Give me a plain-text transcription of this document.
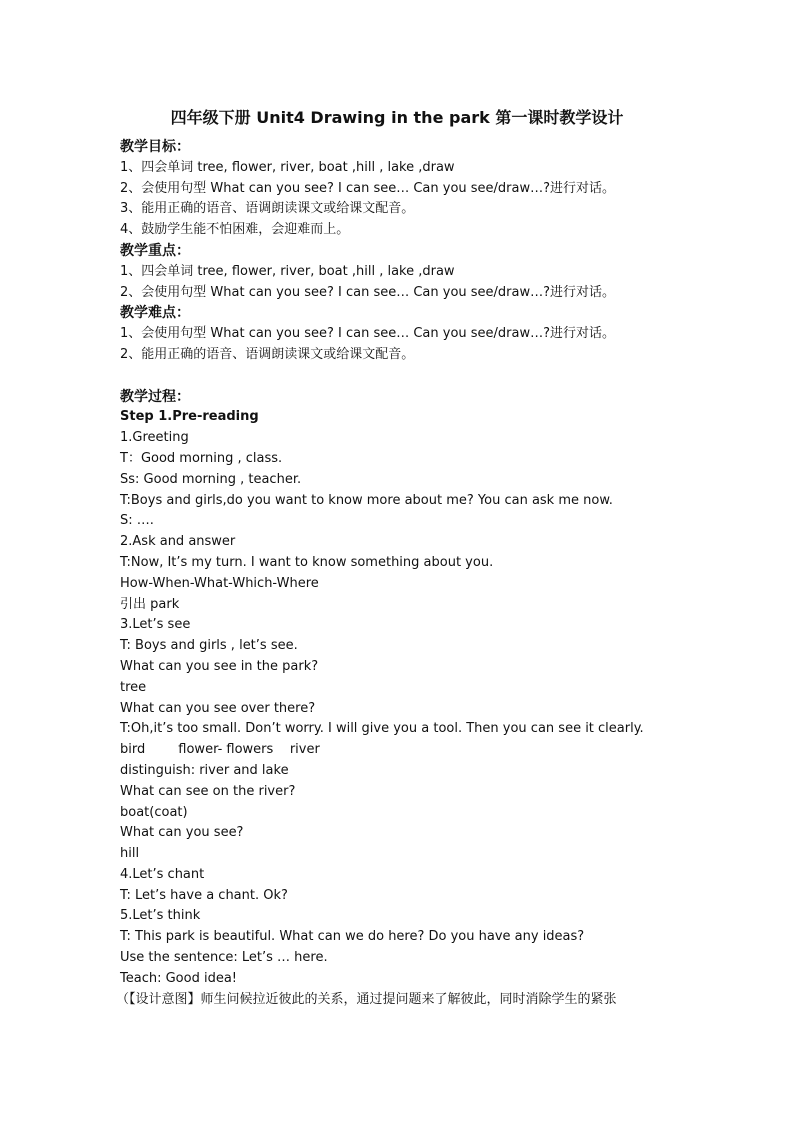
四年级下册 Unit4 Drawing in the park 第一课时教学设计
教学目标：
1、四会单词 tree, flower, river, boat ,hill , lake ,draw
2、会使用句型 What can you see? I can see… Can you see/draw…?进行对话。
3、能用正确的语音、语调朗读课文或给课文配音。
4、鼓励学生能不怕困难，会迎难而上。
教学重点：
1、四会单词 tree, flower, river, boat ,hill , lake ,draw
2、会使用句型 What can you see? I can see… Can you see/draw…?进行对话。
教学难点：
1、会使用句型 What can you see? I can see… Can you see/draw…?进行对话。
2、能用正确的语音、语调朗读课文或给课文配音。
教学过程：
Step 1.Pre-reading
1.Greeting
T：Good morning , class.
Ss: Good morning , teacher.
T:Boys and girls,do you want to know more about me? You can ask me now.
S: ….
2.Ask and answer
T:Now, It’s my turn. I want to know something about you.
How-When-What-Which-Where
引出 park
3.Let’s see
T: Boys and girls , let’s see.
What can you see in the park?
tree
What can you see over there?
T:Oh,it’s too small. Don’t worry. I will give you a tool. Then you can see it clearly.
bird        flower- flowers    river
distinguish: river and lake
What can see on the river?
boat(coat)
What can you see?
hill
4.Let’s chant
T: Let’s have a chant. Ok?
5.Let’s think
T: This park is beautiful. What can we do here? Do you have any ideas?
Use the sentence: Let’s … here.
Teach: Good idea!
（【设计意图】师生问候拉近彼此的关系，通过提问题来了解彼此，同时消除学生的紧张
